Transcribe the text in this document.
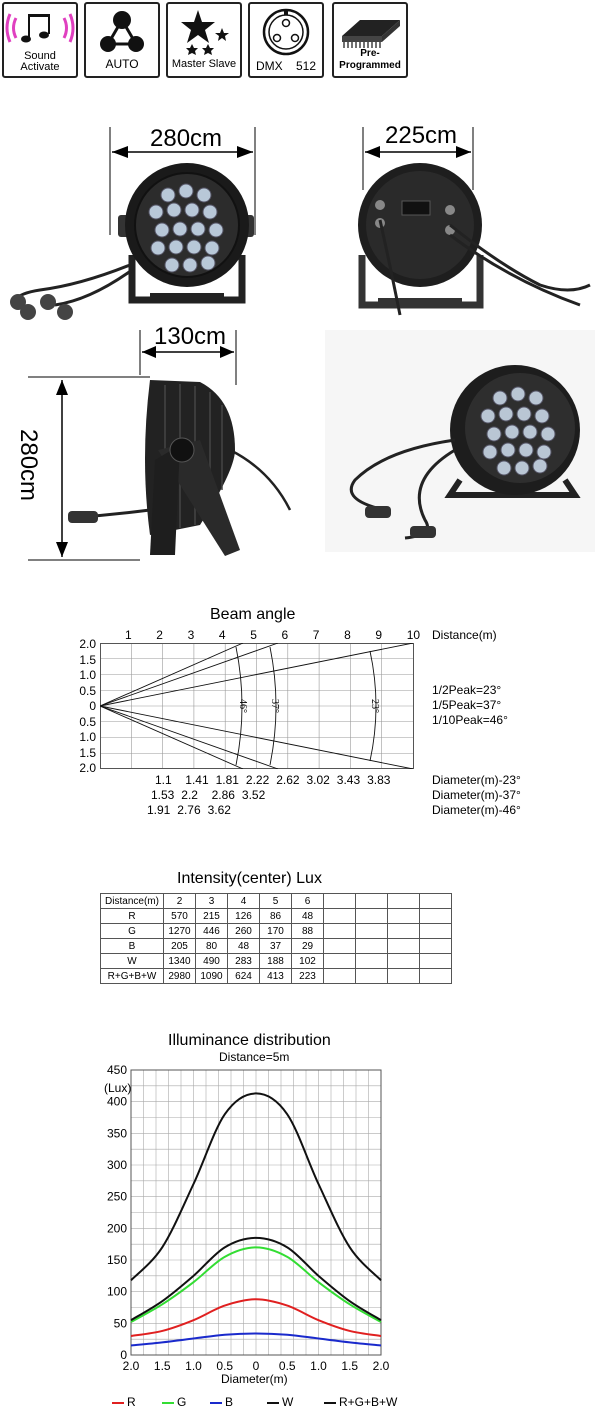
Sound Activate	AUTO	Master Slave	DMX    512
Pre-Programmed
280cm	225cm
130cm
280cm
Beam angle
1 2 3 4 5 6 7 8 9 10 Distance(m)
2.0
1.5
1.0
0.5
0
0.5
1.0
1.5
2.0
46° 37°	23°
1/2Peak=23°
1/5Peak=37°
1/10Peak=46°
1.1 1.41 1.81 2.22 2.62 3.02 3.43 3.83	Diameter(m)-23°
1.53 2.2 2.86 3.52	Diameter(m)-37°
1.91 2.76 3.62	Diameter(m)-46°
Intensity(center) Lux
Distance(m)	2	3	4	5	6				
R	570	215	126	86	48				
G	1270	446	260	170	88				
B	205	80	48	37	29				
W	1340	490	283	188	102				
R+G+B+W	2980	1090	624	413	223				
Illuminance distribution
Distance=5m
(Lux)
0
50
100
150
200
250
300
350
400
450
2.0 1.5 1.0 0.5 0 0.5 1.0 1.5 2.0
Diameter(m)
R	G	B	W	R+G+B+W
